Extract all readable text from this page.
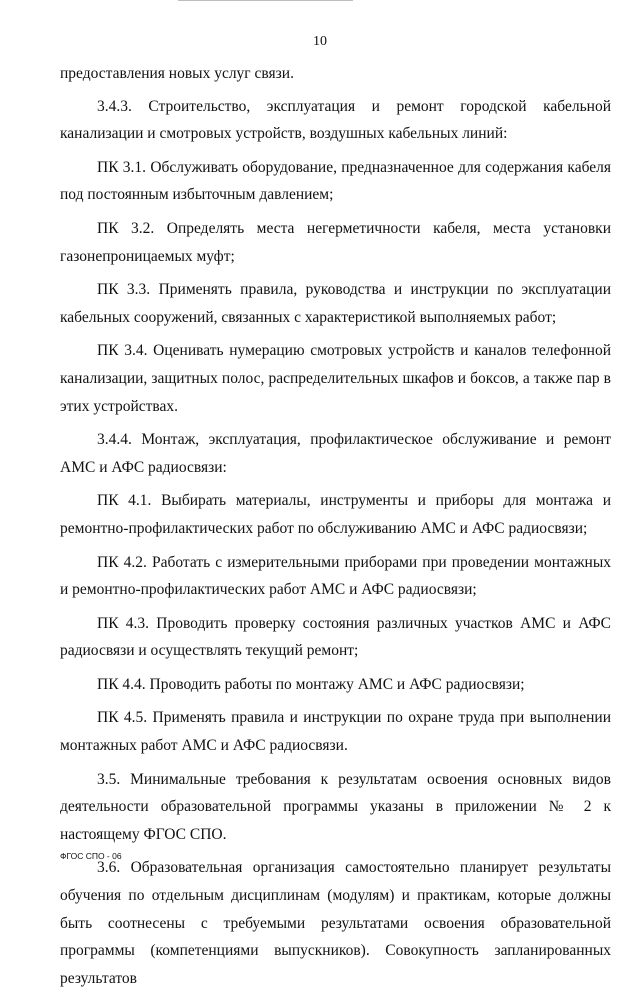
10

предоставления новых услуг связи.

3.4.3. Строительство, эксплуатация и ремонт городской кабельной канализации и смотровых устройств, воздушных кабельных линий:

ПК 3.1. Обслуживать оборудование, предназначенное для содержания кабеля под постоянным избыточным давлением;

ПК 3.2. Определять места негерметичности кабеля, места установки газонепроницаемых муфт;

ПК 3.3. Применять правила, руководства и инструкции по эксплуатации кабельных сооружений, связанных с характеристикой выполняемых работ;

ПК 3.4. Оценивать нумерацию смотровых устройств и каналов телефонной канализации, защитных полос, распределительных шкафов и боксов, а также пар в этих устройствах.

3.4.4. Монтаж, эксплуатация, профилактическое обслуживание и ремонт АМС и АФС радиосвязи:

ПК 4.1. Выбирать материалы, инструменты и приборы для монтажа и ремонтно-профилактических работ по обслуживанию АМС и АФС радиосвязи;

ПК 4.2. Работать с измерительными приборами при проведении монтажных и ремонтно-профилактических работ АМС и АФС радиосвязи;

ПК 4.3. Проводить проверку состояния различных участков АМС и АФС радиосвязи и осуществлять текущий ремонт;

ПК 4.4. Проводить работы по монтажу АМС и АФС радиосвязи;

ПК 4.5. Применять правила и инструкции по охране труда при выполнении монтажных работ АМС и АФС радиосвязи.

3.5. Минимальные требования к результатам освоения основных видов деятельности образовательной программы указаны в приложении № 2 к настоящему ФГОС СПО.

3.6. Образовательная организация самостоятельно планирует результаты обучения по отдельным дисциплинам (модулям) и практикам, которые должны быть соотнесены с требуемыми результатами освоения образовательной программы (компетенциями выпускников). Совокупность запланированных результатов

ФГОС СПО - 06
